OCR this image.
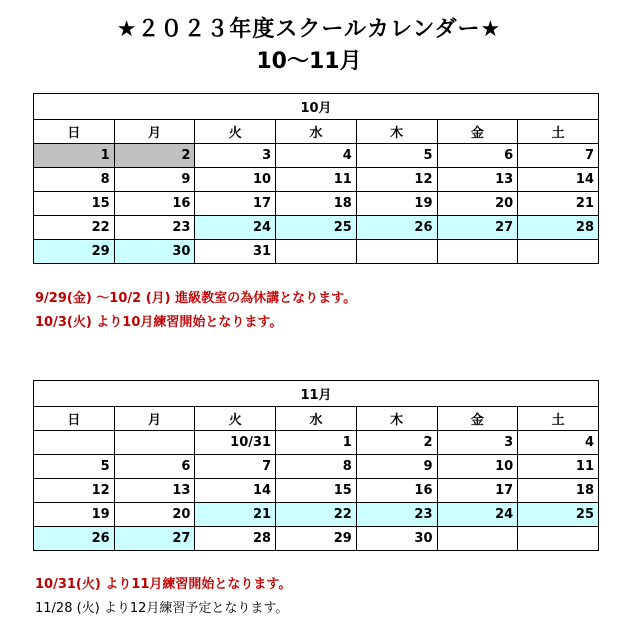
★２０２３年度スクールカレンダー★
10～11月
10月						
日	月	火	水	木	金	土
1	2	3	4	5	6	7
8	9	10	11	12	13	14
15	16	17	18	19	20	21
22	23	24	25	26	27	28
29	30	31				

9/29(金) ～10/2 (月) 進級教室の為休講となります。

10/3(火) より10月練習開始となります。

11月						
日	月	火	水	木	金	土
		10/31	1	2	3	4
5	6	7	8	9	10	11
12	13	14	15	16	17	18
19	20	21	22	23	24	25
26	27	28	29	30		

10/31(火) より11月練習開始となります。

11/28 (火) より12月練習予定となります。
